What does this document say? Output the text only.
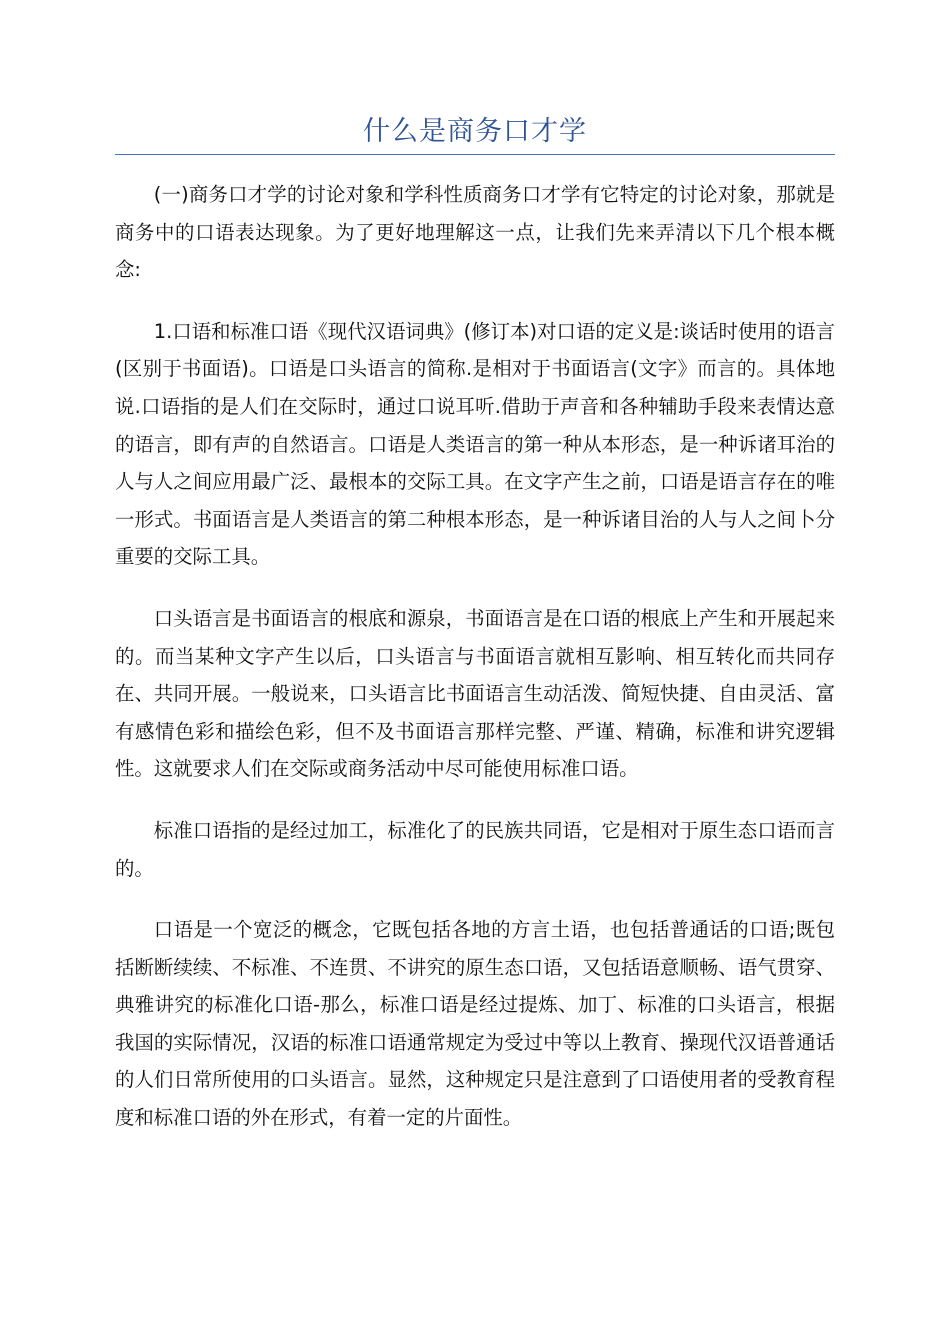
什么是商务口才学

(一)商务口才学的讨论对象和学科性质商务口才学有它特定的讨论对象，那就是商务中的口语表达现象。为了更好地理解这一点，让我们先来弄清以下几个根本概念:

1.口语和标准口语《现代汉语词典》(修订本)对口语的定义是:谈话时使用的语言(区别于书面语)。口语是口头语言的简称.是相对于书面语言(文字》而言的。具体地说.口语指的是人们在交际时，通过口说耳听.借助于声音和各种辅助手段来表情达意的语言，即有声的自然语言。口语是人类语言的第一种从本形态，是一种诉诸耳治的人与人之间应用最广泛、最根本的交际工具。在文字产生之前，口语是语言存在的唯一形式。书面语言是人类语言的第二种根本形态，是一种诉诸目治的人与人之间卜分重要的交际工具。

口头语言是书面语言的根底和源泉，书面语言是在口语的根底上产生和开展起来的。而当某种文字产生以后，口头语言与书面语言就相互影响、相互转化而共同存在、共同开展。一般说来，口头语言比书面语言生动活泼、简短快捷、自由灵活、富有感情色彩和描绘色彩，但不及书面语言那样完整、严谨、精确，标准和讲究逻辑性。这就要求人们在交际或商务活动中尽可能使用标准口语。

标准口语指的是经过加工，标准化了的民族共同语，它是相对于原生态口语而言的。

口语是一个宽泛的概念，它既包括各地的方言土语，也包括普通话的口语;既包括断断续续、不标准、不连贯、不讲究的原生态口语，又包括语意顺畅、语气贯穿、典雅讲究的标准化口语-那么，标准口语是经过提炼、加丁、标准的口头语言，根据我国的实际情况，汉语的标准口语通常规定为受过中等以上教育、操现代汉语普通话的人们日常所使用的口头语言。显然，这种规定只是注意到了口语使用者的受教育程度和标准口语的外在形式，有着一定的片面性。
